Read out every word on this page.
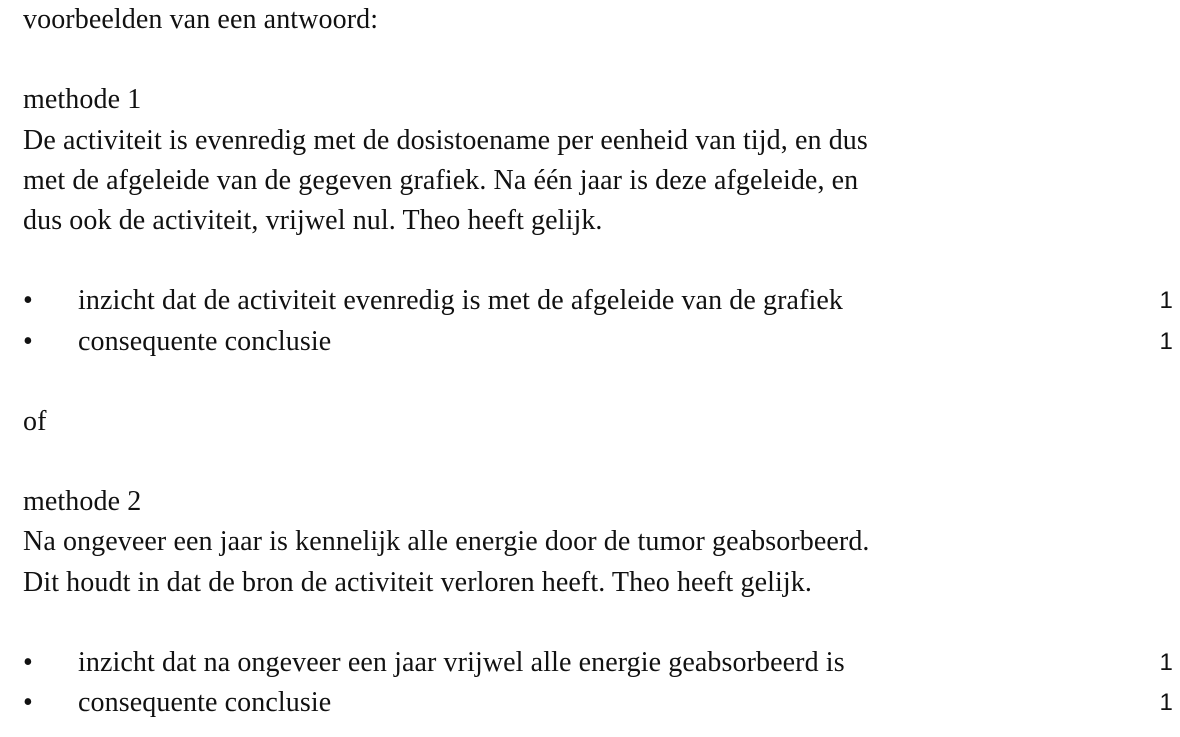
voorbeelden van een antwoord:
methode 1
De activiteit is evenredig met de dosistoename per eenheid van tijd, en dus
met de afgeleide van de gegeven grafiek. Na één jaar is deze afgeleide, en
dus ook de activiteit, vrijwel nul. Theo heeft gelijk.
• inzicht dat de activiteit evenredig is met de afgeleide van de grafiek	1
• consequente conclusie	1
of
methode 2
Na ongeveer een jaar is kennelijk alle energie door de tumor geabsorbeerd.
Dit houdt in dat de bron de activiteit verloren heeft. Theo heeft gelijk.
• inzicht dat na ongeveer een jaar vrijwel alle energie geabsorbeerd is	1
• consequente conclusie	1
